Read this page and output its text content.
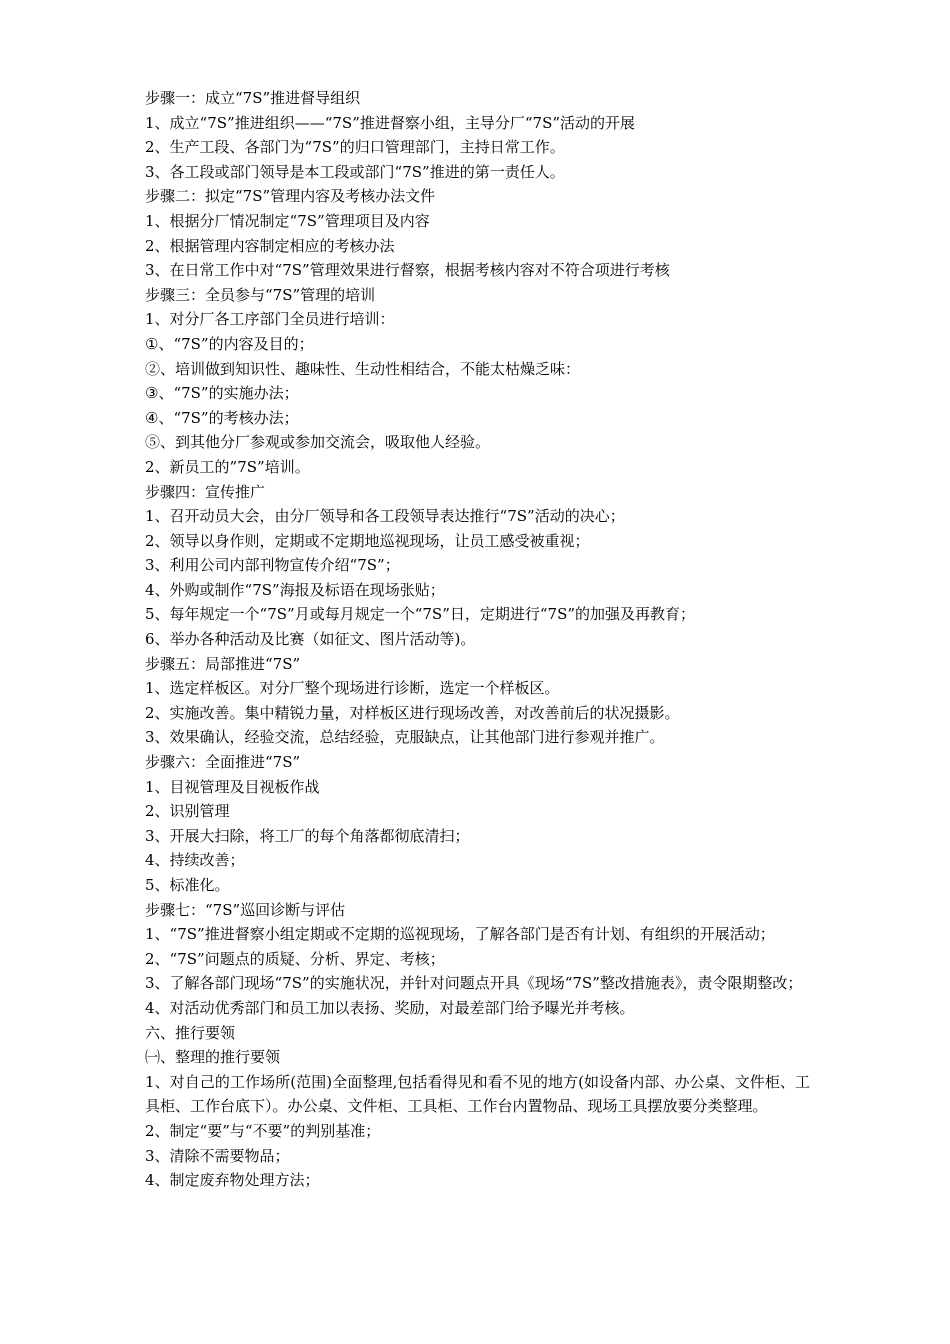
步骤一：成立“7S”推进督导组织

1、成立“7S”推进组织——“7S”推进督察小组，主导分厂“7S”活动的开展

2、生产工段、各部门为“7S”的归口管理部门，主持日常工作。

3、各工段或部门领导是本工段或部门“7S”推进的第一责任人。

步骤二：拟定“7S”管理内容及考核办法文件

1、根据分厂情况制定“7S”管理项目及内容

2、根据管理内容制定相应的考核办法

3、在日常工作中对“7S”管理效果进行督察，根据考核内容对不符合项进行考核

步骤三：全员参与“7S”管理的培训

1、对分厂各工序部门全员进行培训：

①、“7S”的内容及目的；

②、培训做到知识性、趣味性、生动性相结合，不能太枯燥乏味：

③、“7S”的实施办法；

④、“7S”的考核办法；

⑤、到其他分厂参观或参加交流会，吸取他人经验。

2、新员工的”7S”培训。

步骤四：宣传推广

1、召开动员大会，由分厂领导和各工段领导表达推行“7S”活动的决心；

2、领导以身作则，定期或不定期地巡视现场，让员工感受被重视；

3、利用公司内部刊物宣传介绍“7S”；

4、外购或制作“7S”海报及标语在现场张贴；

5、每年规定一个“7S”月或每月规定一个“7S”日，定期进行“7S”的加强及再教育；

6、举办各种活动及比赛（如征文、图片活动等)。

步骤五：局部推进“7S”

1、选定样板区。对分厂整个现场进行诊断，选定一个样板区。

2、实施改善。集中精锐力量，对样板区进行现场改善，对改善前后的状况摄影。

3、效果确认，经验交流，总结经验，克服缺点，让其他部门进行参观并推广。

步骤六：全面推进“7S”

1、目视管理及目视板作战

2、识别管理

3、开展大扫除，将工厂的每个角落都彻底清扫；

4、持续改善；

5、标准化。

步骤七：“7S”巡回诊断与评估

1、“7S”推进督察小组定期或不定期的巡视现场，了解各部门是否有计划、有组织的开展活动；

2、“7S”问题点的质疑、分析、界定、考核；

3、了解各部门现场“7S”的实施状况，并针对问题点开具《现场“7S”整改措施表》，责令限期整改；

4、对活动优秀部门和员工加以表扬、奖励，对最差部门给予曝光并考核。

六、推行要领

㈠、整理的推行要领

1、对自己的工作场所(范围)全面整理,包括看得见和看不见的地方(如设备内部、办公桌、文件柜、工具柜、工作台底下）。办公桌、文件柜、工具柜、工作台内置物品、现场工具摆放要分类整理。

2、制定“要”与“不要”的判别基准；

3、清除不需要物品；

4、制定废弃物处理方法；
